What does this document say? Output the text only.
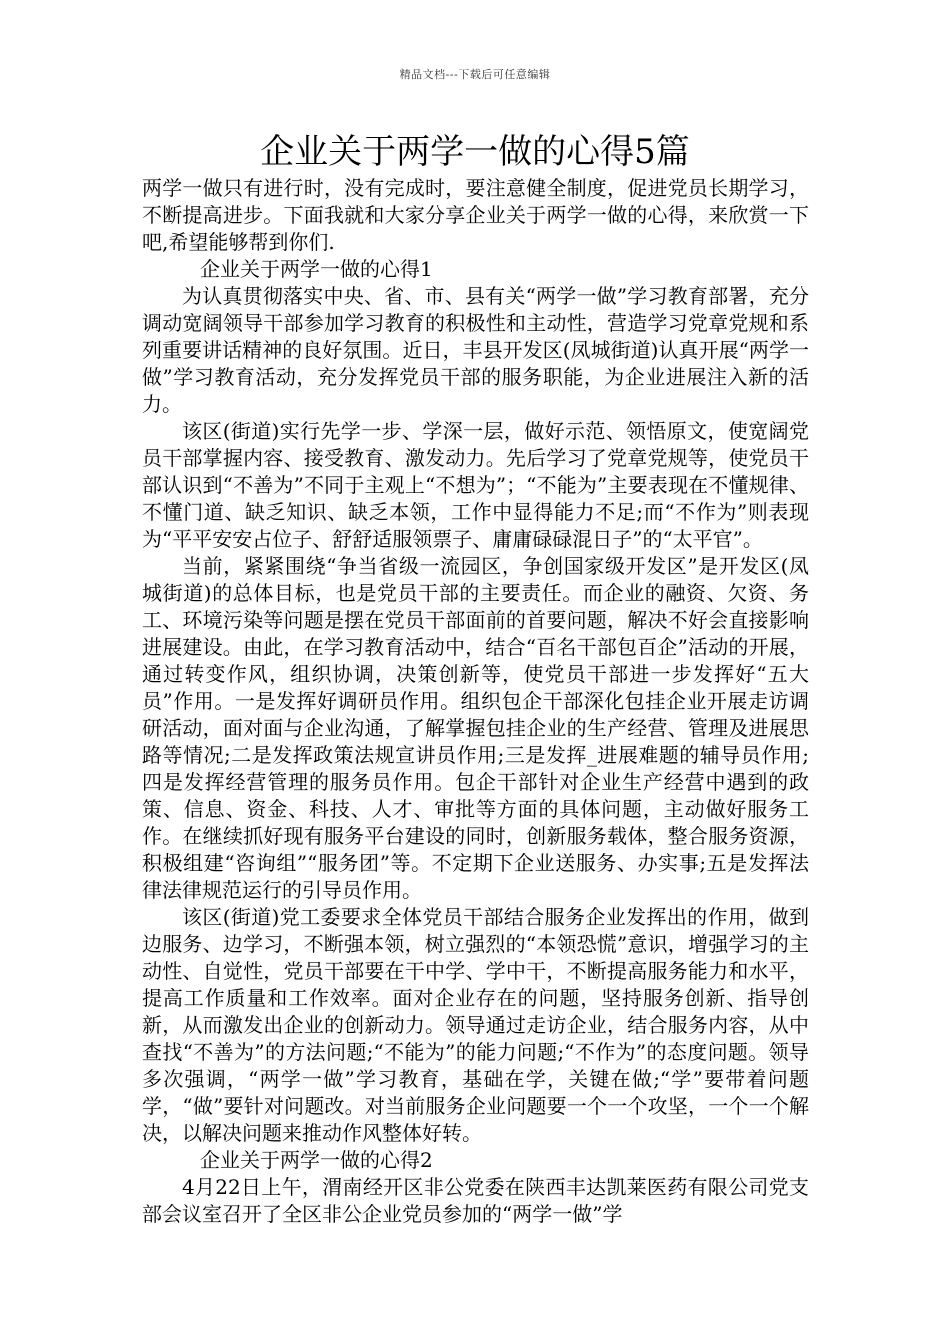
精品文档---下载后可任意编辑
企业关于两学一做的心得5篇

两学一做只有进行时，没有完成时，要注意健全制度，促进党员长期学习，不断提高进步。下面我就和大家分享企业关于两学一做的心得，来欣赏一下吧,希望能够帮到你们.

企业关于两学一做的心得1

为认真贯彻落实中央、省、市、县有关“两学一做”学习教育部署，充分调动宽阔领导干部参加学习教育的积极性和主动性，营造学习党章党规和系列重要讲话精神的良好氛围。近日，丰县开发区(凤城街道)认真开展“两学一做”学习教育活动，充分发挥党员干部的服务职能，为企业进展注入新的活力。

该区(街道)实行先学一步、学深一层，做好示范、领悟原文，使宽阔党员干部掌握内容、接受教育、激发动力。先后学习了党章党规等，使党员干部认识到“不善为”不同于主观上“不想为”；“不能为”主要表现在不懂规律、不懂门道、缺乏知识、缺乏本领，工作中显得能力不足;而“不作为”则表现为“平平安安占位子、舒舒适服领票子、庸庸碌碌混日子”的“太平官”。

当前，紧紧围绕“争当省级一流园区，争创国家级开发区”是开发区(凤城街道)的总体目标，也是党员干部的主要责任。而企业的融资、欠资、务工、环境污染等问题是摆在党员干部面前的首要问题，解决不好会直接影响进展建设。由此，在学习教育活动中，结合“百名干部包百企”活动的开展，通过转变作风，组织协调，决策创新等，使党员干部进一步发挥好“五大员”作用。一是发挥好调研员作用。组织包企干部深化包挂企业开展走访调研活动，面对面与企业沟通，了解掌握包挂企业的生产经营、管理及进展思路等情况;二是发挥政策法规宣讲员作用;三是发挥_进展难题的辅导员作用;四是发挥经营管理的服务员作用。包企干部针对企业生产经营中遇到的政策、信息、资金、科技、人才、审批等方面的具体问题，主动做好服务工作。在继续抓好现有服务平台建设的同时，创新服务载体，整合服务资源，积极组建“咨询组”“服务团”等。不定期下企业送服务、办实事;五是发挥法律法律规范运行的引导员作用。

该区(街道)党工委要求全体党员干部结合服务企业发挥出的作用，做到边服务、边学习，不断强本领，树立强烈的“本领恐慌”意识，增强学习的主动性、自觉性，党员干部要在干中学、学中干，不断提高服务能力和水平，提高工作质量和工作效率。面对企业存在的问题，坚持服务创新、指导创新，从而激发出企业的创新动力。领导通过走访企业，结合服务内容，从中查找“不善为”的方法问题;“不能为”的能力问题;“不作为”的态度问题。领导多次强调，“两学一做”学习教育，基础在学，关键在做;“学”要带着问题学，“做”要针对问题改。对当前服务企业问题要一个一个攻坚，一个一个解决，以解决问题来推动作风整体好转。

企业关于两学一做的心得2

4月22日上午，渭南经开区非公党委在陕西丰达凯莱医药有限公司党支部会议室召开了全区非公企业党员参加的“两学一做”学
